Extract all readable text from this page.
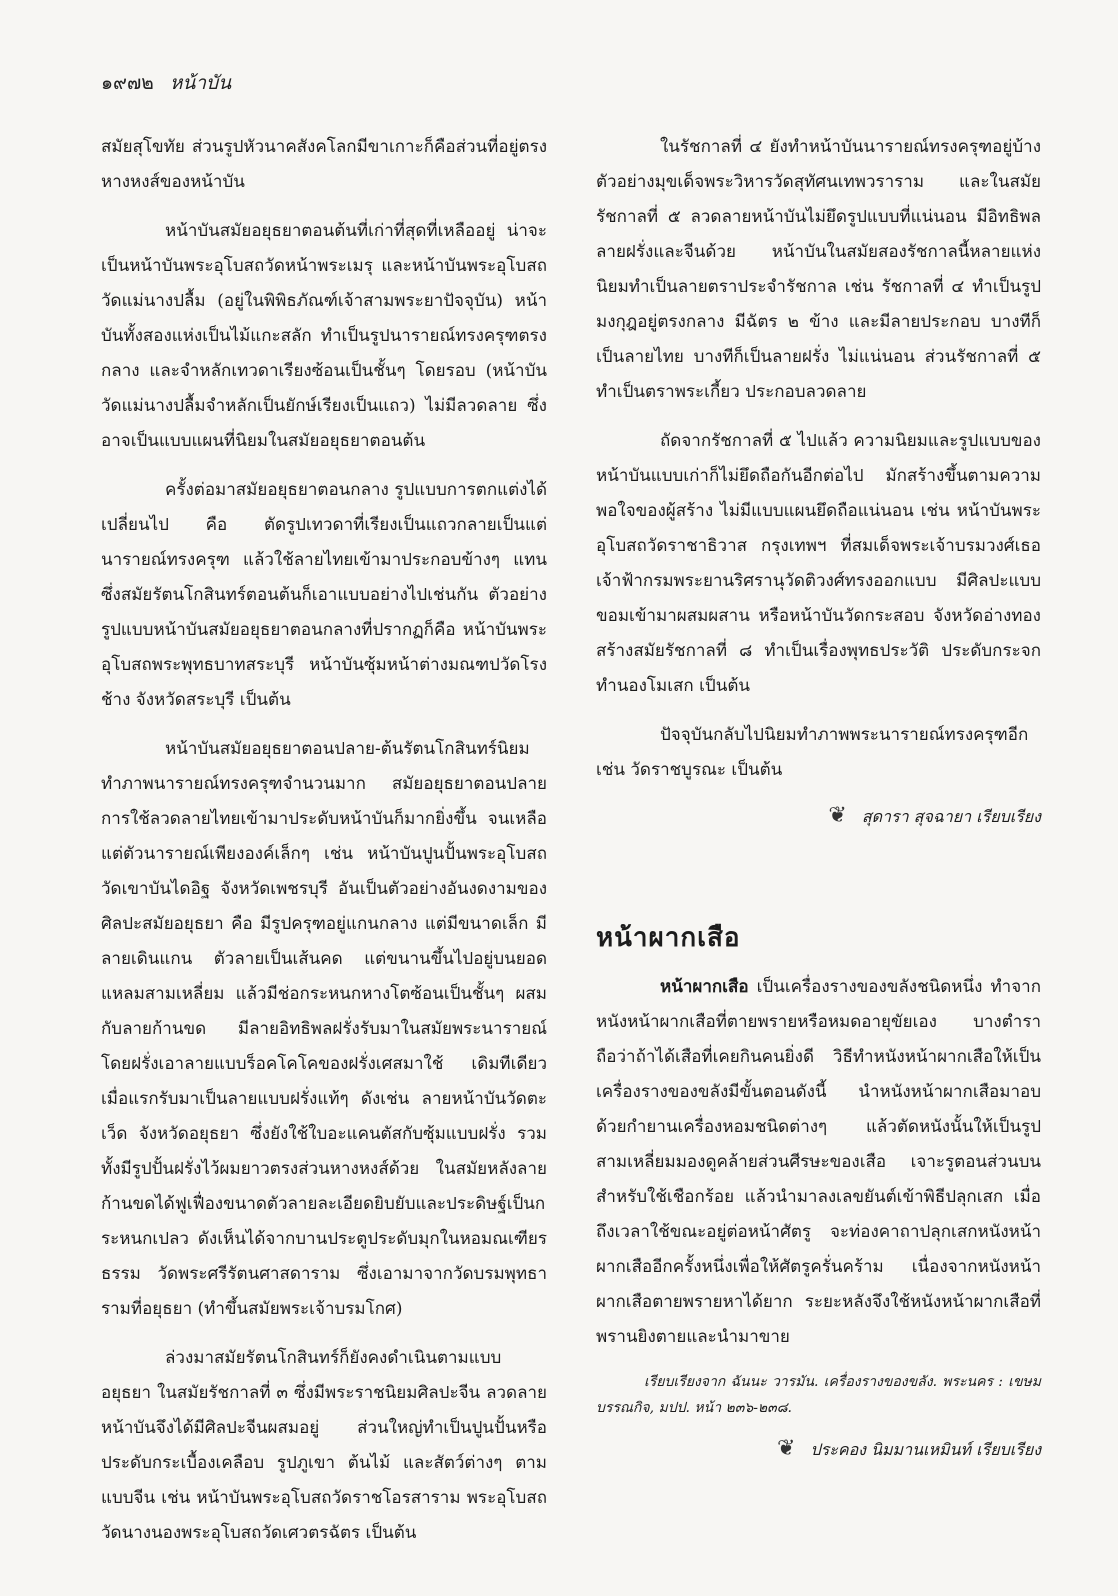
๑๙๗๒ หน้าบัน

สมัยสุโขทัย ส่วนรูปหัวนาคสังคโลกมีขาเกาะก็คือส่วนที่อยู่ตรงหางหงส์ของหน้าบัน

หน้าบันสมัยอยุธยาตอนต้นที่เก่าที่สุดที่เหลืออยู่ น่าจะเป็นหน้าบันพระอุโบสถวัดหน้าพระเมรุ และหน้าบันพระอุโบสถวัดแม่นางปลื้ม (อยู่ในพิพิธภัณฑ์เจ้าสามพระยาปัจจุบัน) หน้าบันทั้งสองแห่งเป็นไม้แกะสลัก ทำเป็นรูปนารายณ์ทรงครุฑตรงกลาง และจำหลักเทวดาเรียงซ้อนเป็นชั้นๆ โดยรอบ (หน้าบันวัดแม่นางปลื้มจำหลักเป็นยักษ์เรียงเป็นแถว) ไม่มีลวดลาย ซึ่งอาจเป็นแบบแผนที่นิยมในสมัยอยุธยาตอนต้น

ครั้งต่อมาสมัยอยุธยาตอนกลาง รูปแบบการตกแต่งได้เปลี่ยนไป คือ ตัดรูปเทวดาที่เรียงเป็นแถวกลายเป็นแต่นารายณ์ทรงครุฑ แล้วใช้ลายไทยเข้ามาประกอบข้างๆ แทน ซึ่งสมัยรัตนโกสินทร์ตอนต้นก็เอาแบบอย่างไปเช่นกัน ตัวอย่างรูปแบบหน้าบันสมัยอยุธยาตอนกลางที่ปรากฏก็คือ หน้าบันพระอุโบสถพระพุทธบาทสระบุรี หน้าบันซุ้มหน้าต่างมณฑปวัดโรงช้าง จังหวัดสระบุรี เป็นต้น

หน้าบันสมัยอยุธยาตอนปลาย-ต้นรัตนโกสินทร์นิยมทำภาพนารายณ์ทรงครุฑจำนวนมาก สมัยอยุธยาตอนปลายการใช้ลวดลายไทยเข้ามาประดับหน้าบันก็มากยิ่งขึ้น จนเหลือแต่ตัวนารายณ์เพียงองค์เล็กๆ เช่น หน้าบันปูนปั้นพระอุโบสถวัดเขาบันไดอิฐ จังหวัดเพชรบุรี อันเป็นตัวอย่างอันงดงามของศิลปะสมัยอยุธยา คือ มีรูปครุฑอยู่แกนกลาง แต่มีขนาดเล็ก มีลายเดินแกน ตัวลายเป็นเส้นคด แต่ขนานขึ้นไปอยู่บนยอดแหลมสามเหลี่ยม แล้วมีช่อกระหนกหางโตซ้อนเป็นชั้นๆ ผสมกับลายก้านขด มีลายอิทธิพลฝรั่งรับมาในสมัยพระนารายณ์ โดยฝรั่งเอาลายแบบร็อคโคโคของฝรั่งเศสมาใช้ เดิมทีเดียวเมื่อแรกรับมาเป็นลายแบบฝรั่งแท้ๆ ดังเช่น ลายหน้าบันวัดตะเว็ด จังหวัดอยุธยา ซึ่งยังใช้ใบอะแคนตัสกับซุ้มแบบฝรั่ง รวมทั้งมีรูปปั้นฝรั่งไว้ผมยาวตรงส่วนหางหงส์ด้วย ในสมัยหลังลายก้านขดได้ฟูเฟื่องขนาดตัวลายละเอียดยิบยับและประดิษฐ์เป็นกระหนกเปลว ดังเห็นได้จากบานประตูประดับมุกในหอมณเฑียรธรรม วัดพระศรีรัตนศาสดาราม ซึ่งเอามาจากวัดบรมพุทธารามที่อยุธยา (ทำขึ้นสมัยพระเจ้าบรมโกศ)

ล่วงมาสมัยรัตนโกสินทร์ก็ยังคงดำเนินตามแบบอยุธยา ในสมัยรัชกาลที่ ๓ ซึ่งมีพระราชนิยมศิลปะจีน ลวดลายหน้าบันจึงได้มีศิลปะจีนผสมอยู่ ส่วนใหญ่ทำเป็นปูนปั้นหรือประดับกระเบื้องเคลือบ รูปภูเขา ต้นไม้ และสัตว์ต่างๆ ตามแบบจีน เช่น หน้าบันพระอุโบสถวัดราชโอรสาราม พระอุโบสถวัดนางนองพระอุโบสถวัดเศวตรฉัตร เป็นต้น

ในรัชกาลที่ ๔ ยังทำหน้าบันนารายณ์ทรงครุฑอยู่บ้าง ตัวอย่างมุขเด็จพระวิหารวัดสุทัศนเทพวราราม และในสมัยรัชกาลที่ ๕ ลวดลายหน้าบันไม่ยึดรูปแบบที่แน่นอน มีอิทธิพลลายฝรั่งและจีนด้วย หน้าบันในสมัยสองรัชกาลนี้หลายแห่งนิยมทำเป็นลายตราประจำรัชกาล เช่น รัชกาลที่ ๔ ทำเป็นรูปมงกุฎอยู่ตรงกลาง มีฉัตร ๒ ข้าง และมีลายประกอบ บางทีก็เป็นลายไทย บางทีก็เป็นลายฝรั่ง ไม่แน่นอน ส่วนรัชกาลที่ ๕ ทำเป็นตราพระเกี้ยว ประกอบลวดลาย

ถัดจากรัชกาลที่ ๕ ไปแล้ว ความนิยมและรูปแบบของหน้าบันแบบเก่าก็ไม่ยึดถือกันอีกต่อไป มักสร้างขึ้นตามความพอใจของผู้สร้าง ไม่มีแบบแผนยึดถือแน่นอน เช่น หน้าบันพระอุโบสถวัดราชาธิวาส กรุงเทพฯ ที่สมเด็จพระเจ้าบรมวงศ์เธอ เจ้าฟ้ากรมพระยานริศรานุวัดติวงศ์ทรงออกแบบ มีศิลปะแบบขอมเข้ามาผสมผสาน หรือหน้าบันวัดกระสอบ จังหวัดอ่างทอง สร้างสมัยรัชกาลที่ ๘ ทำเป็นเรื่องพุทธประวัติ ประดับกระจกทำนองโมเสก เป็นต้น

ปัจจุบันกลับไปนิยมทำภาพพระนารายณ์ทรงครุฑอีก เช่น วัดราชบูรณะ เป็นต้น

❦ สุดารา สุจฉายา เรียบเรียง
หน้าผากเสือ

หน้าผากเสือ เป็นเครื่องรางของขลังชนิดหนึ่ง ทำจากหนังหน้าผากเสือที่ตายพรายหรือหมดอายุขัยเอง บางตำราถือว่าถ้าได้เสือที่เคยกินคนยิ่งดี วิธีทำหนังหน้าผากเสือให้เป็นเครื่องรางของขลังมีขั้นตอนดังนี้ นำหนังหน้าผากเสือมาอบด้วยกำยานเครื่องหอมชนิดต่างๆ แล้วตัดหนังนั้นให้เป็นรูปสามเหลี่ยมมองดูคล้ายส่วนศีรษะของเสือ เจาะรูตอนส่วนบนสำหรับใช้เชือกร้อย แล้วนำมาลงเลขยันต์เข้าพิธีปลุกเสก เมื่อถึงเวลาใช้ขณะอยู่ต่อหน้าศัตรู จะท่องคาถาปลุกเสกหนังหน้าผากเสืออีกครั้งหนึ่งเพื่อให้ศัตรูครั่นคร้าม เนื่องจากหนังหน้าผากเสือตายพรายหาได้ยาก ระยะหลังจึงใช้หนังหน้าผากเสือที่พรานยิงตายและนำมาขาย

เรียบเรียงจาก ฉันนะ วารมัน. เครื่องรางของขลัง. พระนคร : เขษมบรรณกิจ, มปป. หน้า ๒๓๖-๒๓๘.

❦ ประคอง นิมมานเหมินท์ เรียบเรียง
